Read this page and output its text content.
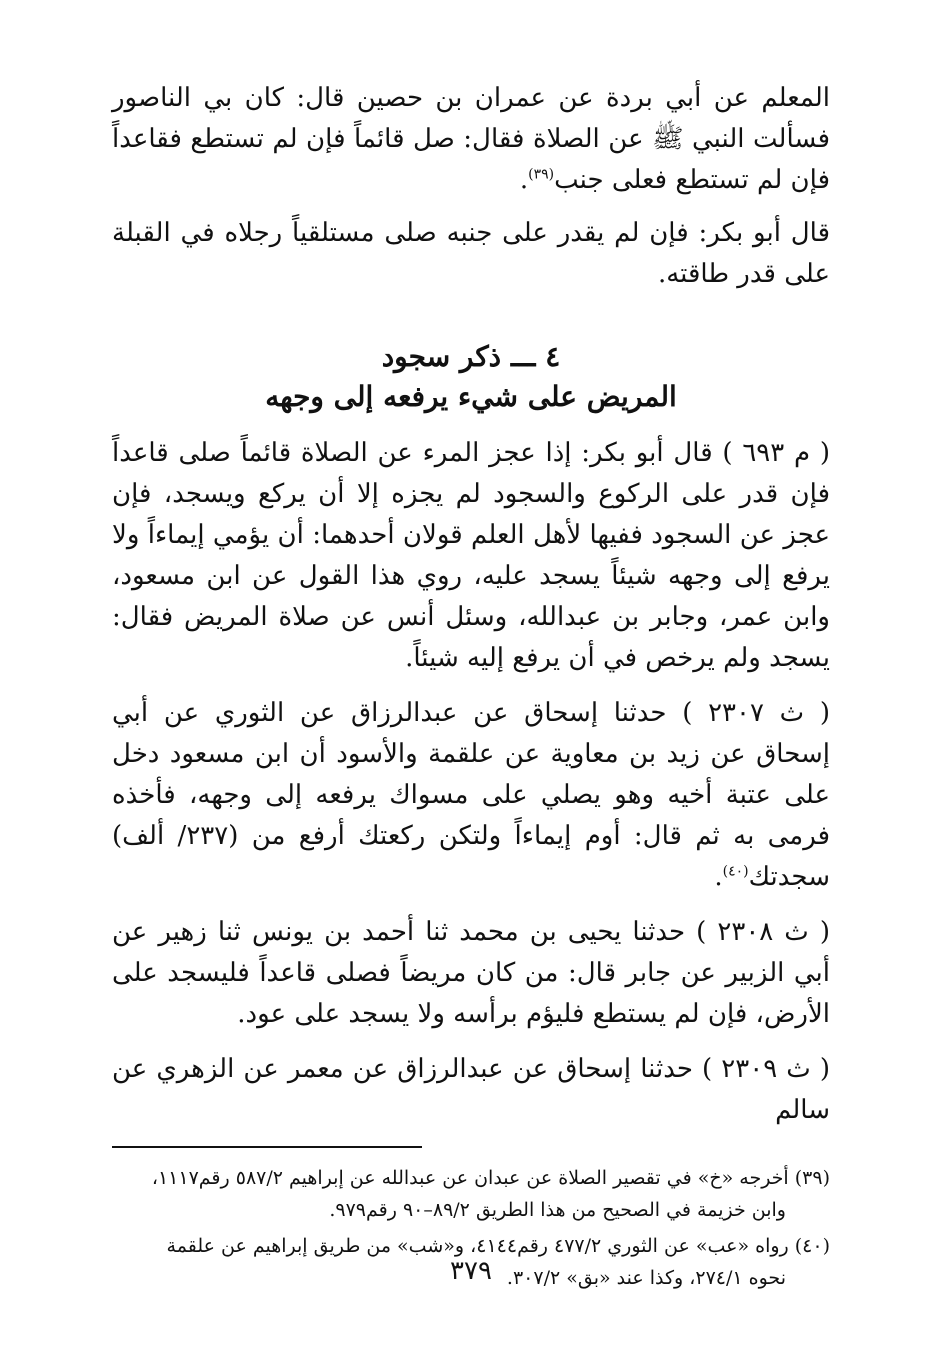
المعلم عن أبي بردة عن عمران بن حصين قال: كان بي الناصور فسألت النبي ﷺ عن الصلاة فقال: صل قائماً فإن لم تستطع فقاعداً فإن لم تستطع فعلى جنب$^{(٣٩)}$.

قال أبو بكر: فإن لم يقدر على جنبه صلى مستلقياً رجلاه في القبلة على قدر طاقته.

٤ ـــ ذكر سجود
المريض على شيء يرفعه إلى وجهه

( م ٦٩٣ ) قال أبو بكر: إذا عجز المرء عن الصلاة قائماً صلى قاعداً فإن قدر على الركوع والسجود لم يجزه إلا أن يركع ويسجد، فإن عجز عن السجود ففيها لأهل العلم قولان أحدهما: أن يؤمي إيماءاً ولا يرفع إلى وجهه شيئاً يسجد عليه، روي هذا القول عن ابن مسعود، وابن عمر، وجابر بن عبدالله، وسئل أنس عن صلاة المريض فقال: يسجد ولم يرخص في أن يرفع إليه شيئاً.

( ث ٢٣٠٧ ) حدثنا إسحاق عن عبدالرزاق عن الثوري عن أبي إسحاق عن زيد بن معاوية عن علقمة والأسود أن ابن مسعود دخل على عتبة أخيه وهو يصلي على مسواك يرفعه إلى وجهه، فأخذه فرمى به ثم قال: أوم إيماءاً ولتكن ركعتك أرفع من (٢٣٧/ ألف) سجدتك$^{(٤٠)}$.

( ث ٢٣٠٨ ) حدثنا يحيى بن محمد ثنا أحمد بن يونس ثنا زهير عن أبي الزبير عن جابر قال: من كان مريضاً فصلى قاعداً فليسجد على الأرض، فإن لم يستطع فليؤم برأسه ولا يسجد على عود.

( ث ٢٣٠٩ ) حدثنا إسحاق عن عبدالرزاق عن معمر عن الزهري عن سالم

(٣٩) أخرجه «خ» في تقصير الصلاة عن عبدان عن عبدالله عن إبراهيم ٥٨٧/٢ رقم١١١٧،
وابن خزيمة في الصحيح من هذا الطريق ٨٩/٢–٩٠ رقم٩٧٩.
(٤٠) رواه «عب» عن الثوري ٤٧٧/٢ رقم٤١٤٤، و«شب» من طريق إبراهيم عن علقمة
نحوه ٢٧٤/١، وكذا عند «بق» ٣٠٧/٢.
٣٧٩
